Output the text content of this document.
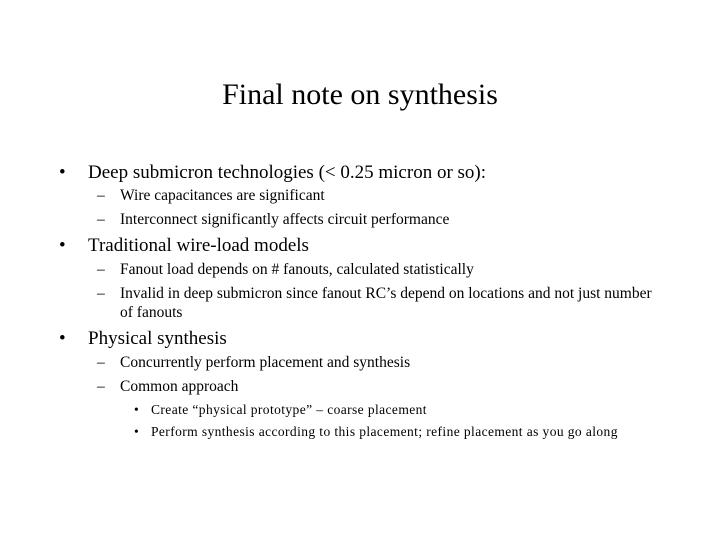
Final note on synthesis
• Deep submicron technologies (< 0.25 micron or so):
– Wire capacitances are significant
– Interconnect significantly affects circuit performance
• Traditional wire-load models
– Fanout load depends on # fanouts, calculated statistically
– Invalid in deep submicron since fanout RC’s depend on locations and not just number of fanouts
• Physical synthesis
– Concurrently perform placement and synthesis
– Common approach
• Create “physical prototype” – coarse placement
• Perform synthesis according to this placement; refine placement as you go along
